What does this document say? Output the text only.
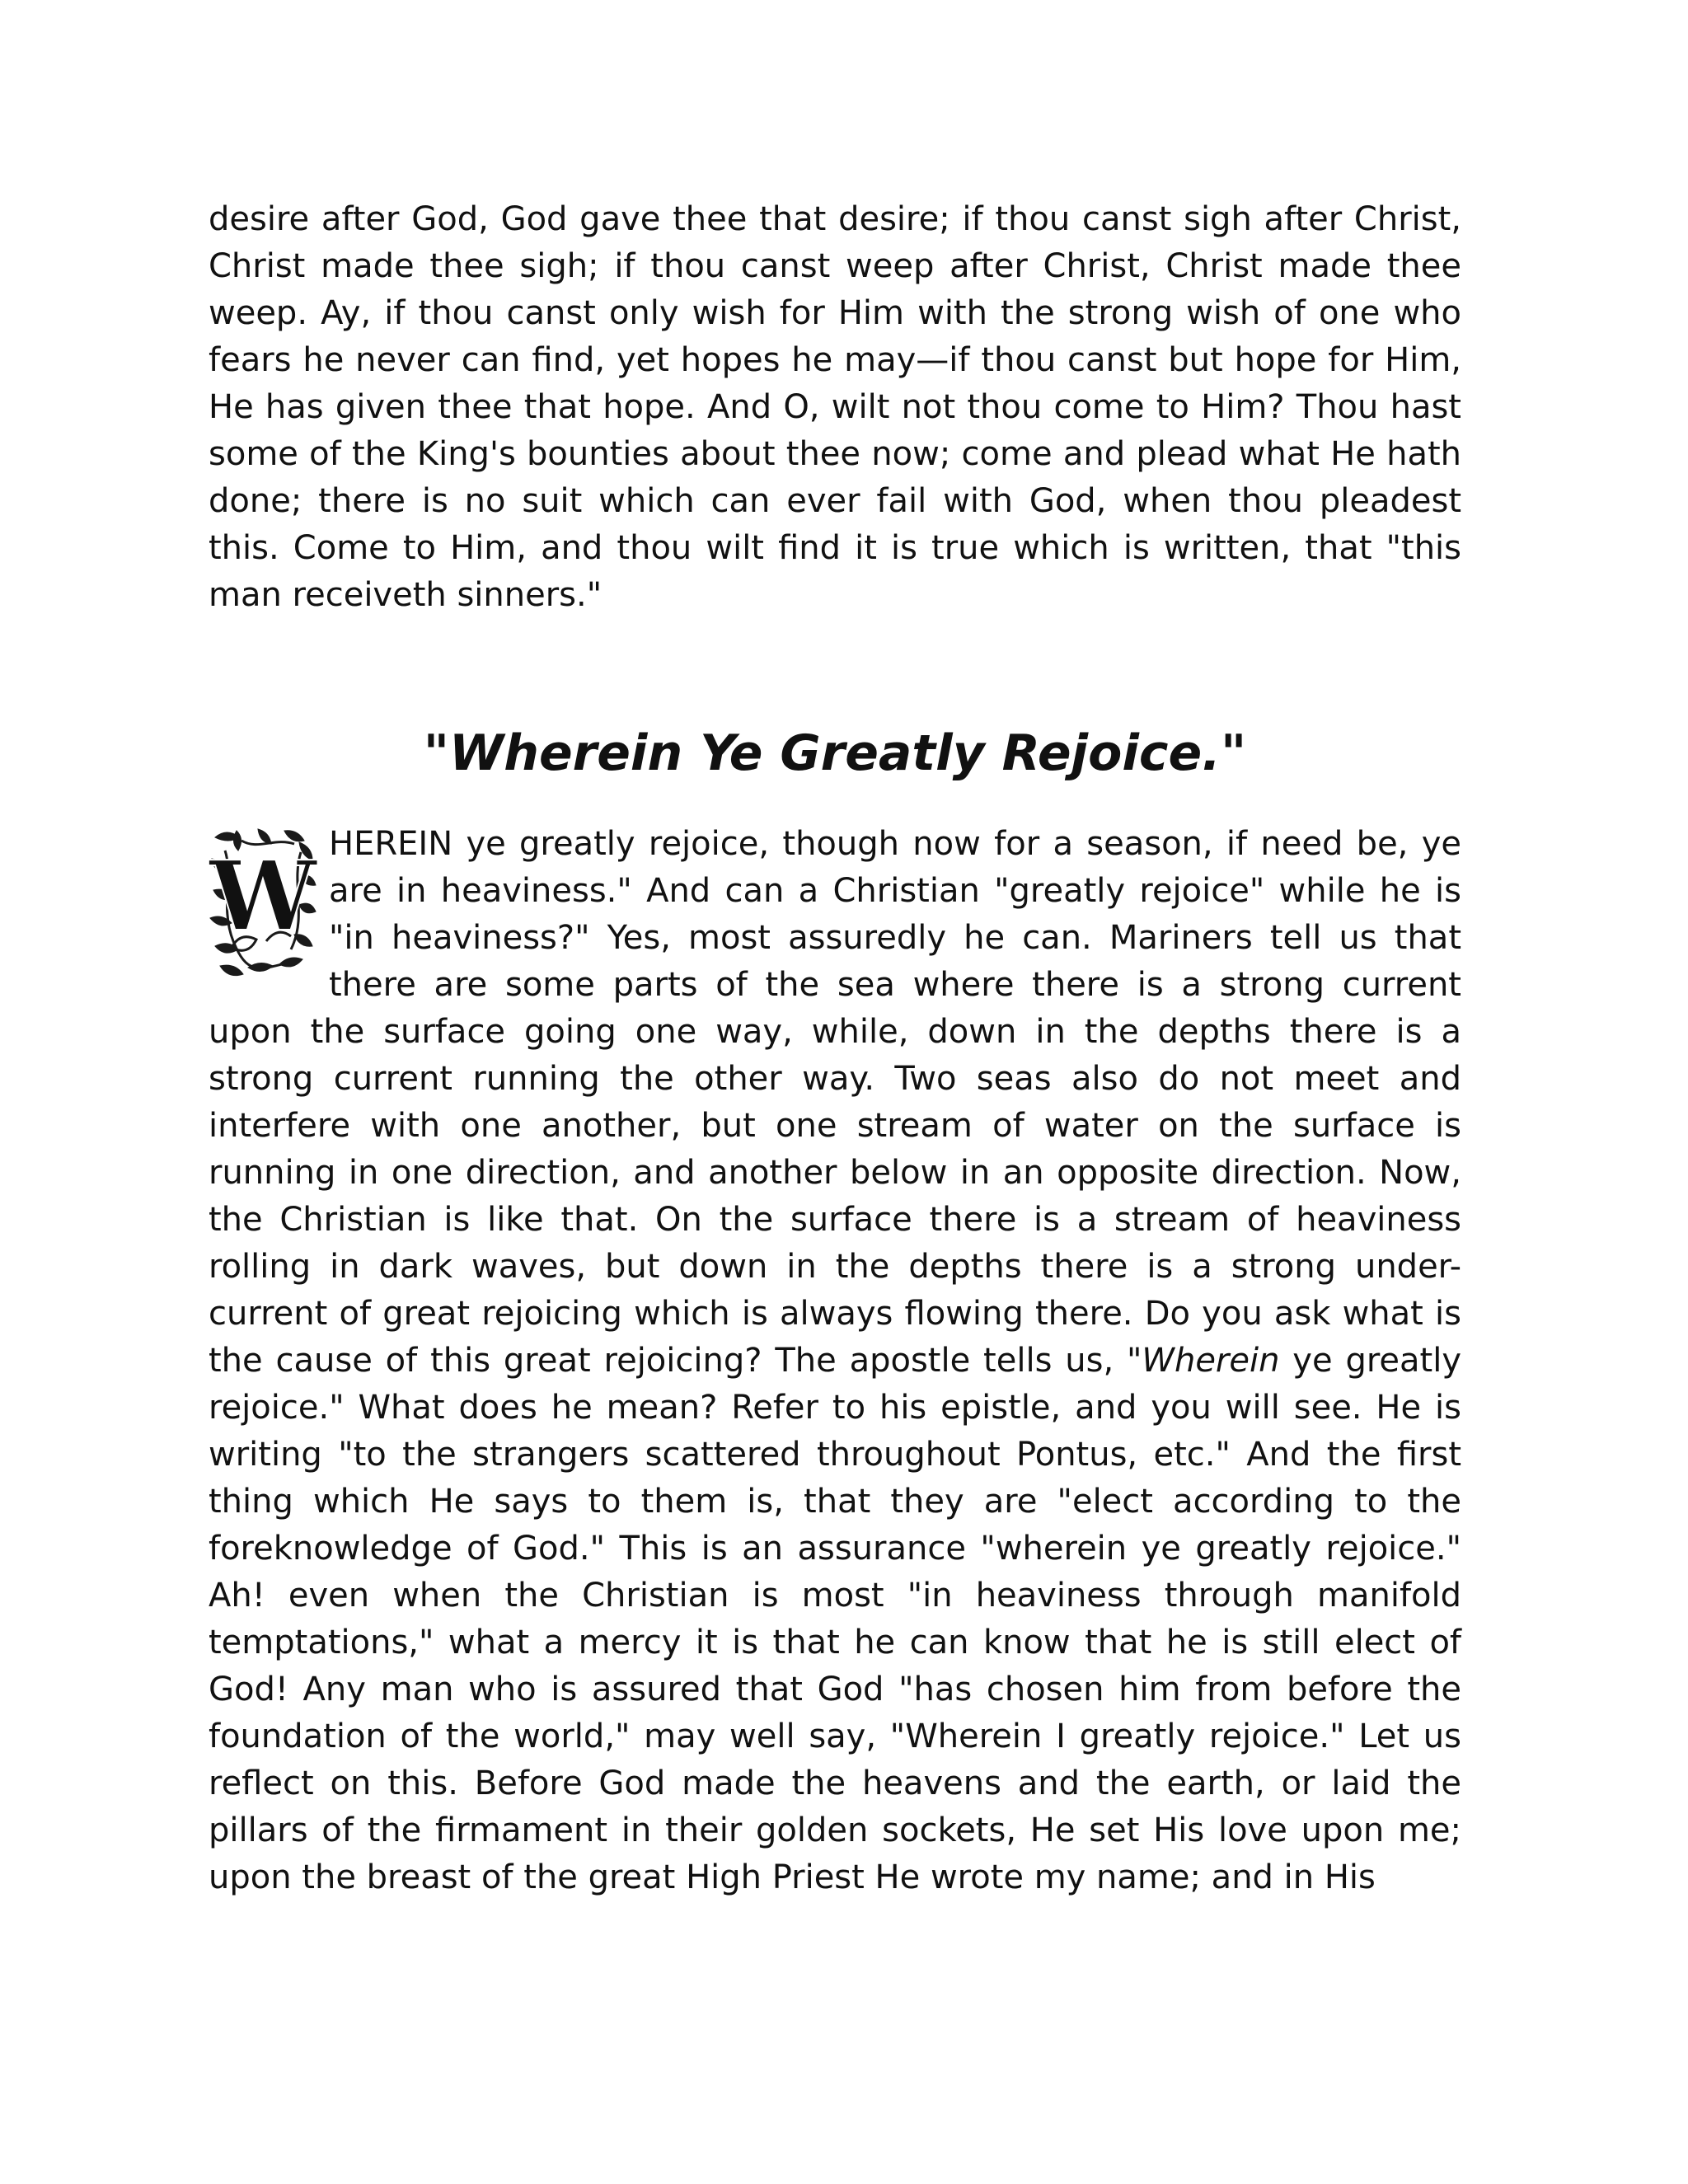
desire after God, God gave thee that desire; if thou canst sigh after Christ, Christ made thee sigh; if thou canst weep after Christ, Christ made thee weep. Ay, if thou canst only wish for Him with the strong wish of one who fears he never can find, yet hopes he may—if thou canst but hope for Him, He has given thee that hope. And O, wilt not thou come to Him? Thou hast some of the King's bounties about thee now; come and plead what He hath done; there is no suit which can ever fail with God, when thou pleadest this. Come to Him, and thou wilt find it is true which is written, that "this man receiveth sinners."

"Wherein Ye Greatly Rejoice."

W HEREIN ye greatly rejoice, though now for a season, if need be, ye are in heaviness." And can a Christian "greatly rejoice" while he is "in heaviness?" Yes, most assuredly he can. Mariners tell us that there are some parts of the sea where there is a strong current upon the surface going one way, while, down in the depths there is a strong current running the other way. Two seas also do not meet and interfere with one another, but one stream of water on the surface is running in one direction, and another below in an opposite direction. Now, the Christian is like that. On the surface there is a stream of heaviness rolling in dark waves, but down in the depths there is a strong under-current of great rejoicing which is always flowing there. Do you ask what is the cause of this great rejoicing? The apostle tells us, "Wherein ye greatly rejoice." What does he mean? Refer to his epistle, and you will see. He is writing "to the strangers scattered throughout Pontus, etc." And the first thing which He says to them is, that they are "elect according to the foreknowledge of God." This is an assurance "wherein ye greatly rejoice." Ah! even when the Christian is most "in heaviness through manifold temptations," what a mercy it is that he can know that he is still elect of God! Any man who is assured that God "has chosen him from before the foundation of the world," may well say, "Wherein I greatly rejoice." Let us reflect on this. Before God made the heavens and the earth, or laid the pillars of the firmament in their golden sockets, He set His love upon me; upon the breast of the great High Priest He wrote my name; and in His
